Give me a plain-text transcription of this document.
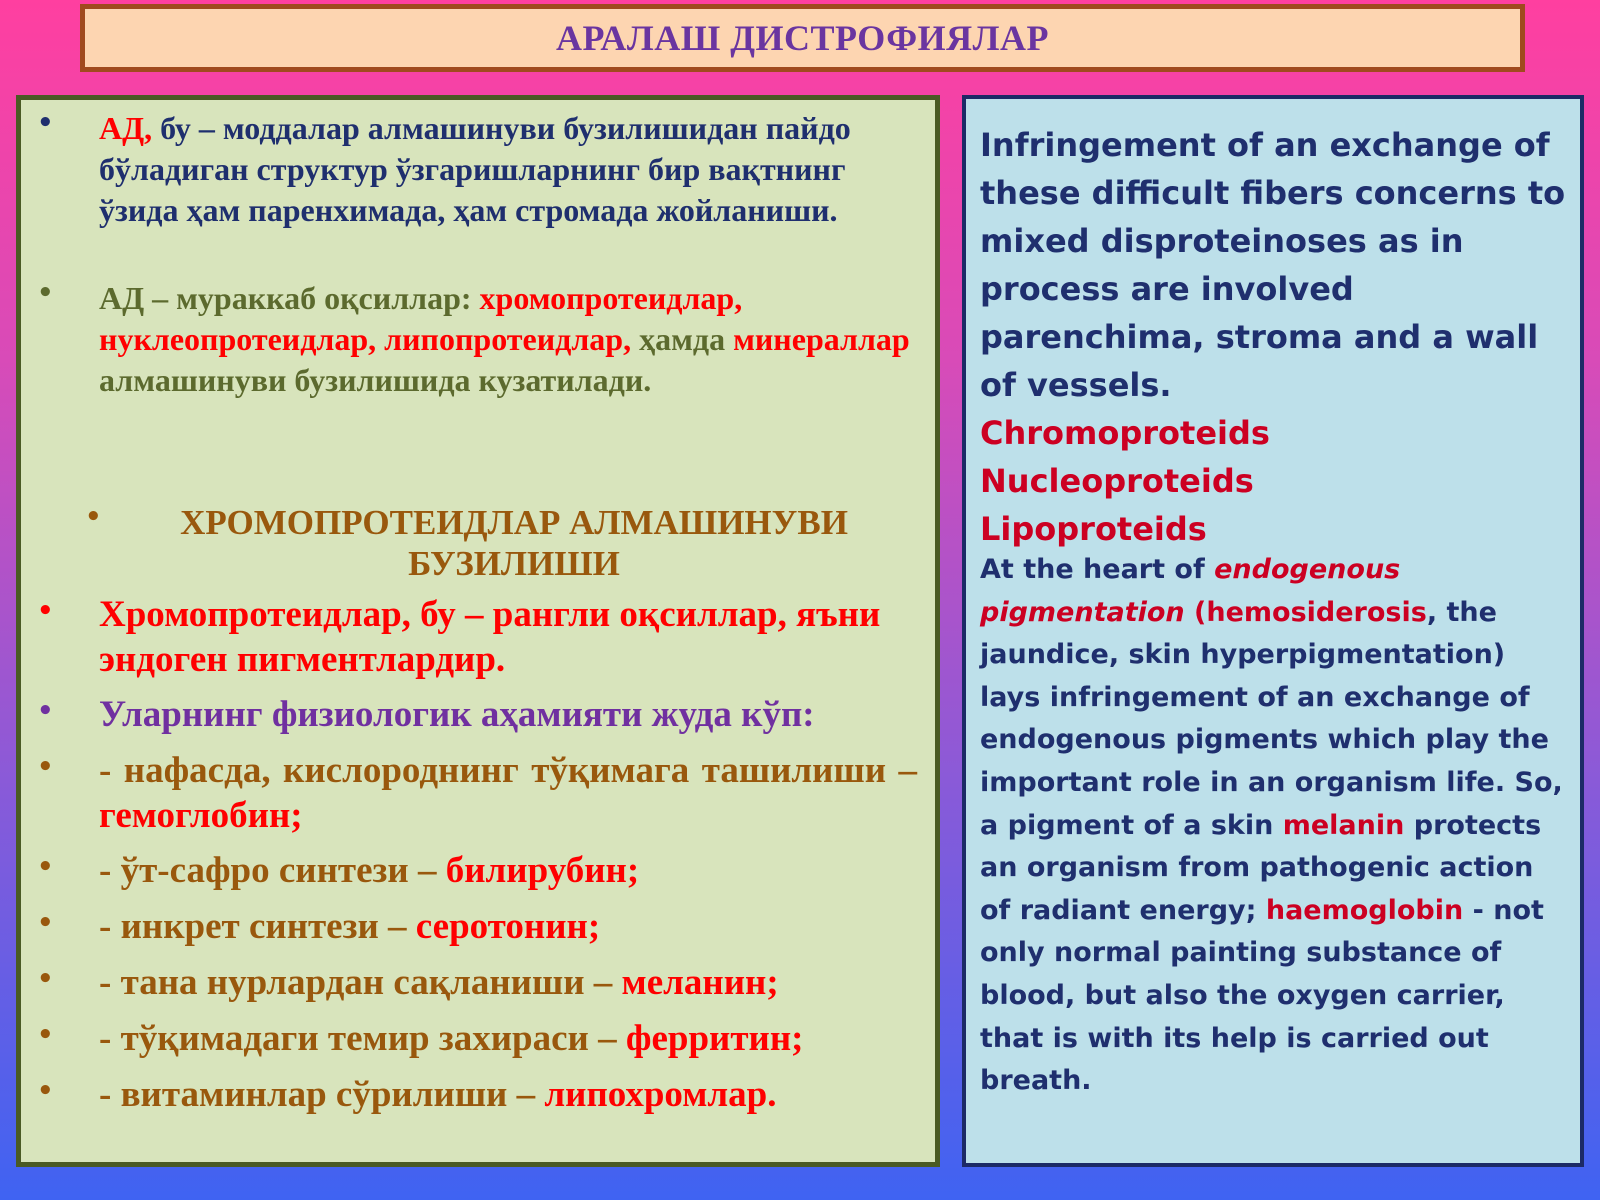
АРАЛАШ ДИСТРОФИЯЛАР
• АД, бу – моддалар алмашинуви бузилишидан пайдо бўладиган структур ўзгаришларнинг бир вақтнинг ўзида ҳам паренхимада, ҳам стромада жойланиши.
• АД – мураккаб оқсиллар: хромопротеидлар, нуклеопротеидлар, липопротеидлар, ҳамда минераллар алмашинуви бузилишида кузатилади.
•	ХРОМОПРОТЕИДЛАР АЛМАШИНУВИ БУЗИЛИШИ
• Хромопротеидлар, бу – рангли оқсиллар, яъни эндоген пигментлардир.
• Уларнинг физиологик аҳамияти жуда кўп:
• - нафасда, кислороднинг тўқимага ташилиши – гемоглобин;
• - ўт-сафро синтези – билирубин;
• - инкрет синтези – серотонин;
• - тана нурлардан сақланиши – меланин;
• - тўқимадаги темир захираси – ферритин;
• - витаминлар сўрилиши – липохромлар.
Infringement of an exchange of these difficult fibers concerns to mixed disproteinoses as in process are involved parenchima, stroma and a wall of vessels.
Chromoproteids
Nucleoproteids
Lipoproteids
At the heart of endogenous pigmentation (hemosiderosis, the jaundice, skin hyperpigmentation) lays infringement of an exchange of endogenous pigments which play the important role in an organism life. So, a pigment of a skin melanin protects an organism from pathogenic action of radiant energy; haemoglobin - not only normal painting substance of blood, but also the oxygen carrier, that is with its help is carried out breath.
